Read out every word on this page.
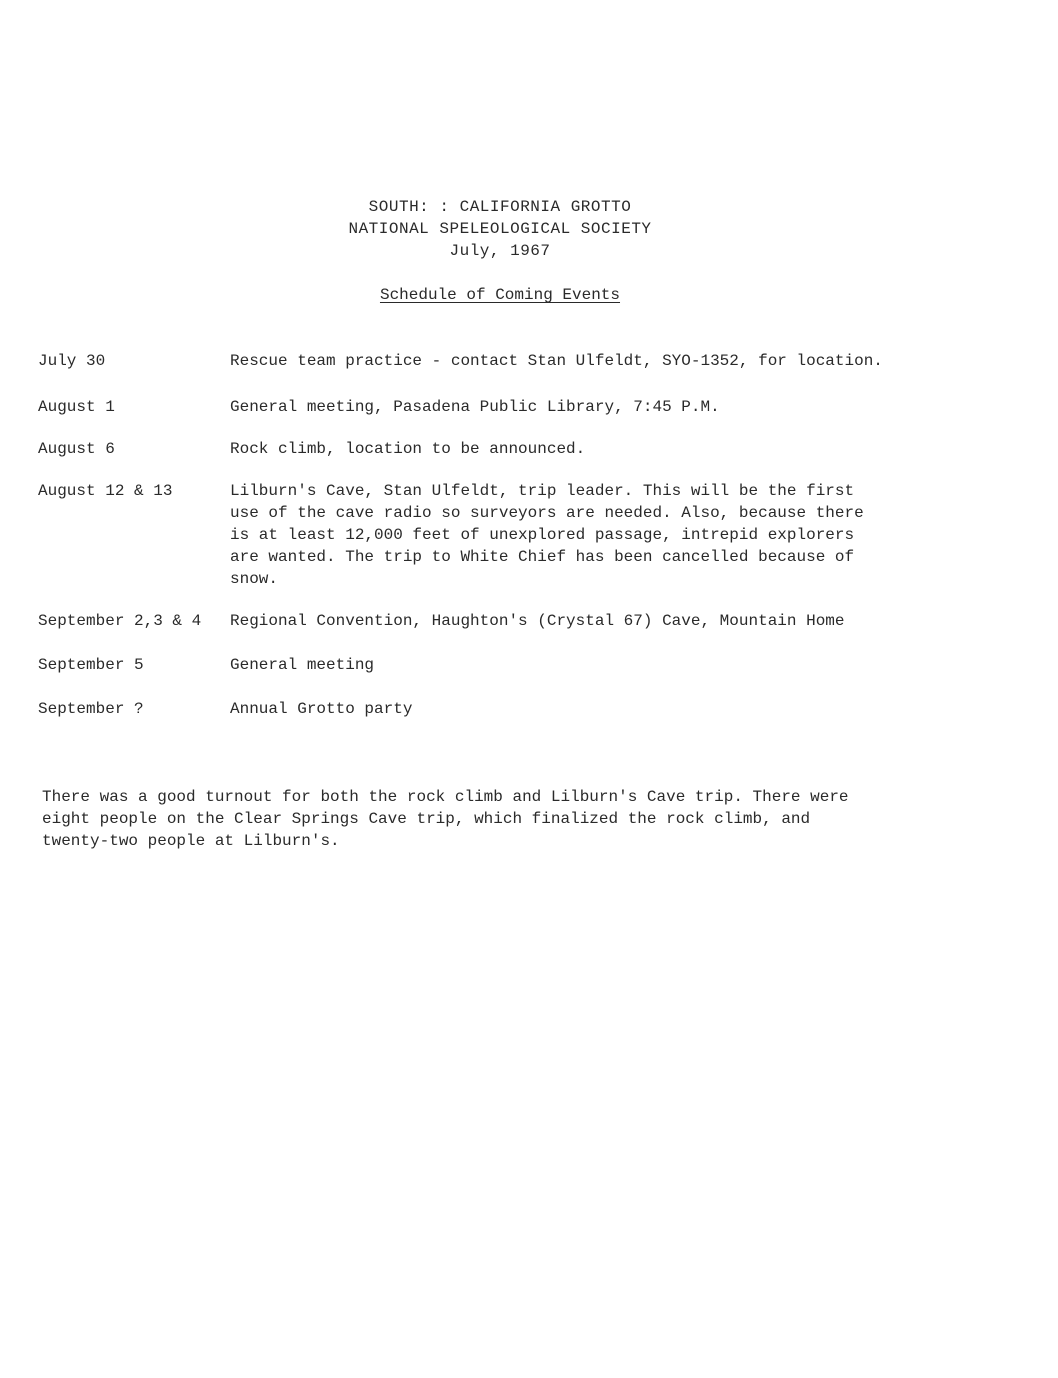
SOUTH: : CALIFORNIA GROTTO
NATIONAL SPELEOLOGICAL SOCIETY
July, 1967
Schedule of Coming Events
July 30	Rescue team practice - contact Stan Ulfeldt, SYO-1352, for location.
August 1	General meeting, Pasadena Public Library, 7:45 P.M.
August 6	Rock climb, location to be announced.
August 12 & 13	Lilburn's Cave, Stan Ulfeldt, trip leader. This will be the first
use of the cave radio so surveyors are needed. Also, because there
is at least 12,000 feet of unexplored passage, intrepid explorers
are wanted. The trip to White Chief has been cancelled because of
snow.
September 2,3 & 4	Regional Convention, Haughton's (Crystal 67) Cave, Mountain Home
September 5	General meeting
September ?	Annual Grotto party
There was a good turnout for both the rock climb and Lilburn's Cave trip. There were
eight people on the Clear Springs Cave trip, which finalized the rock climb, and
twenty-two people at Lilburn's.
